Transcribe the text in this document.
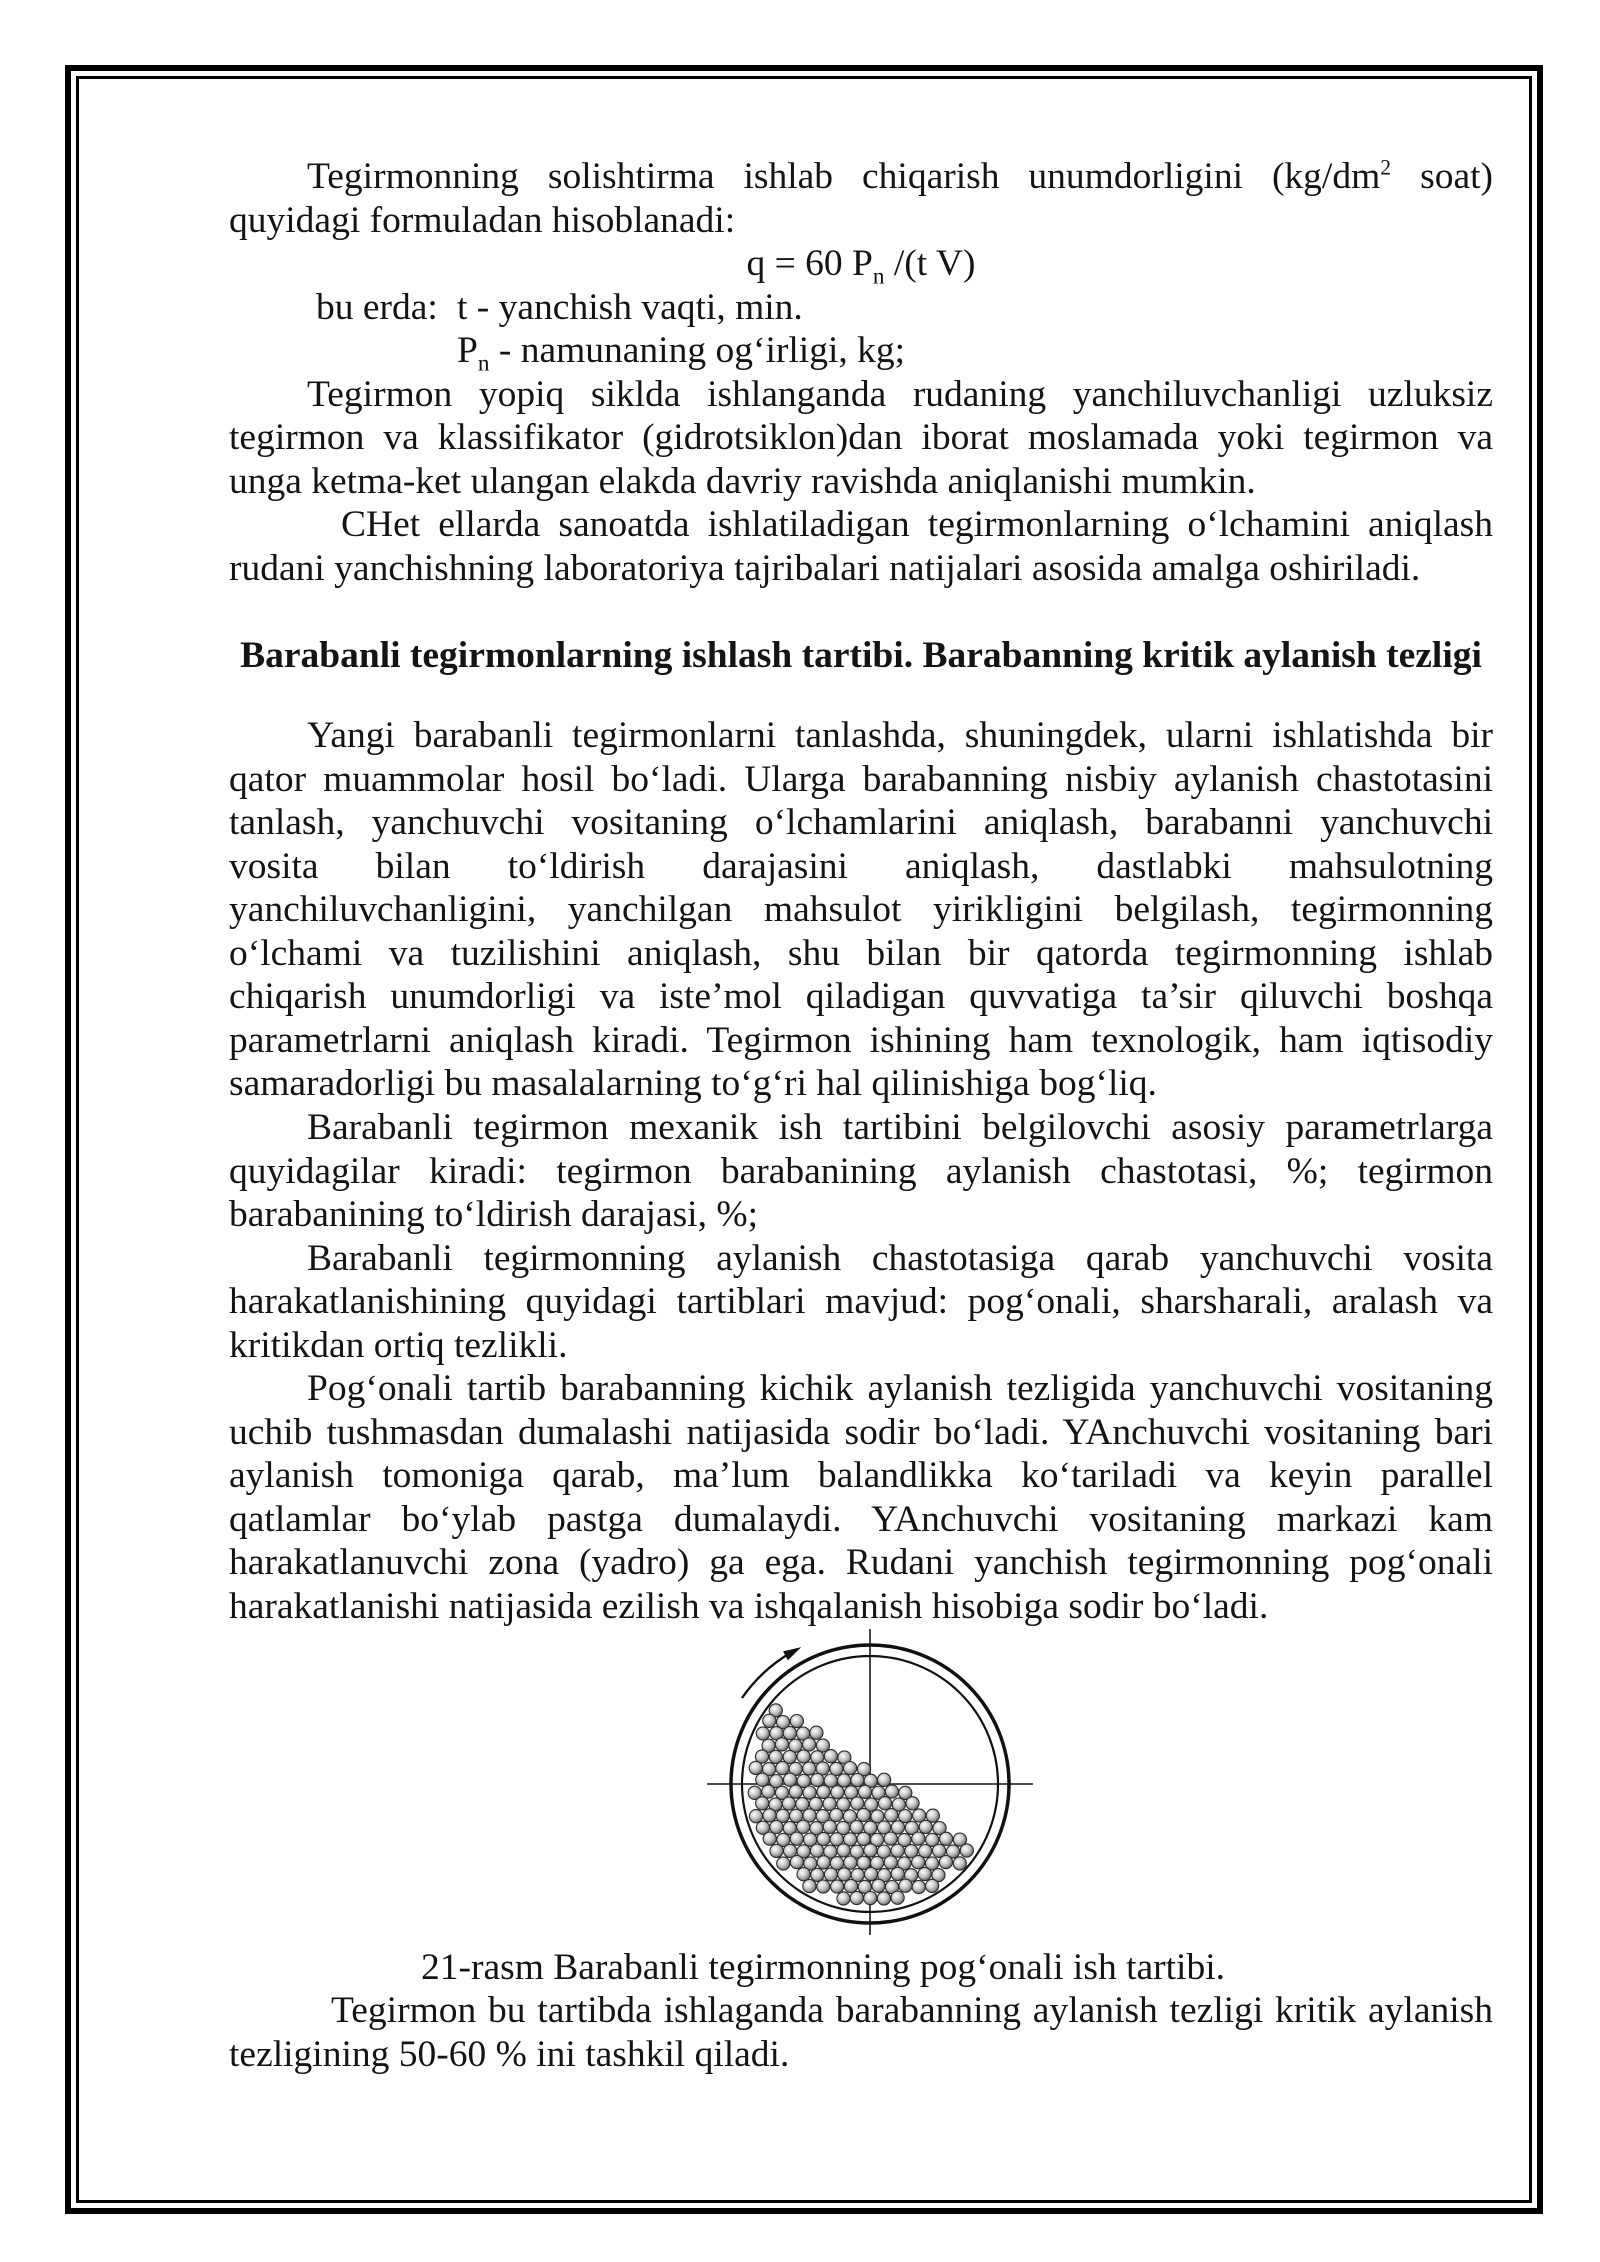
Tegirmonning solishtirma ishlab chiqarish unumdorligini ($kg/dm^2$ soat)
quyidagi formuladan hisoblanadi:
q = 60 $P_n$ /(t V)
bu erda: t - yanchish vaqti, min.
$P_n$ - namunaning og‘irligi, kg;
Tegirmon yopiq siklda ishlanganda rudaning yanchiluvchanligi uzluksiz
tegirmon va klassifikator (gidrotsiklon)dan iborat moslamada yoki tegirmon va
unga ketma-ket ulangan elakda davriy ravishda aniqlanishi mumkin.
CHet ellarda sanoatda ishlatiladigan tegirmonlarning o‘lchamini aniqlash
rudani yanchishning laboratoriya tajribalari natijalari asosida amalga oshiriladi.
Barabanli tegirmonlarning ishlash tartibi. Barabanning kritik aylanish tezligi
Yangi barabanli tegirmonlarni tanlashda, shuningdek, ularni ishlatishda bir
qator muammolar hosil bo‘ladi. Ularga barabanning nisbiy aylanish chastotasini
tanlash, yanchuvchi vositaning o‘lchamlarini aniqlash, barabanni yanchuvchi
vosita bilan to‘ldirish darajasini aniqlash, dastlabki mahsulotning
yanchiluvchanligini, yanchilgan mahsulot yirikligini belgilash, tegirmonning
o‘lchami va tuzilishini aniqlash, shu bilan bir qatorda tegirmonning ishlab
chiqarish unumdorligi va iste’mol qiladigan quvvatiga ta’sir qiluvchi boshqa
parametrlarni aniqlash kiradi. Tegirmon ishining ham texnologik, ham iqtisodiy
samaradorligi bu masalalarning to‘g‘ri hal qilinishiga bog‘liq.
Barabanli tegirmon mexanik ish tartibini belgilovchi asosiy parametrlarga
quyidagilar kiradi: tegirmon barabanining aylanish chastotasi, %; tegirmon
barabanining to‘ldirish darajasi, %;
Barabanli tegirmonning aylanish chastotasiga qarab yanchuvchi vosita
harakatlanishining quyidagi tartiblari mavjud: pog‘onali, sharsharali, aralash va
kritikdan ortiq tezlikli.
Pog‘onali tartib barabanning kichik aylanish tezligida yanchuvchi vositaning
uchib tushmasdan dumalashi natijasida sodir bo‘ladi. YAnchuvchi vositaning bari
aylanish tomoniga qarab, ma’lum balandlikka ko‘tariladi va keyin parallel
qatlamlar bo‘ylab pastga dumalaydi. YAnchuvchi vositaning markazi kam
harakatlanuvchi zona (yadro) ga ega. Rudani yanchish tegirmonning pog‘onali
harakatlanishi natijasida ezilish va ishqalanish hisobiga sodir bo‘ladi.
21-rasm Barabanli tegirmonning pog‘onali ish tartibi.
Tegirmon bu tartibda ishlaganda barabanning aylanish tezligi kritik aylanish
tezligining 50-60 % ini tashkil qiladi.
